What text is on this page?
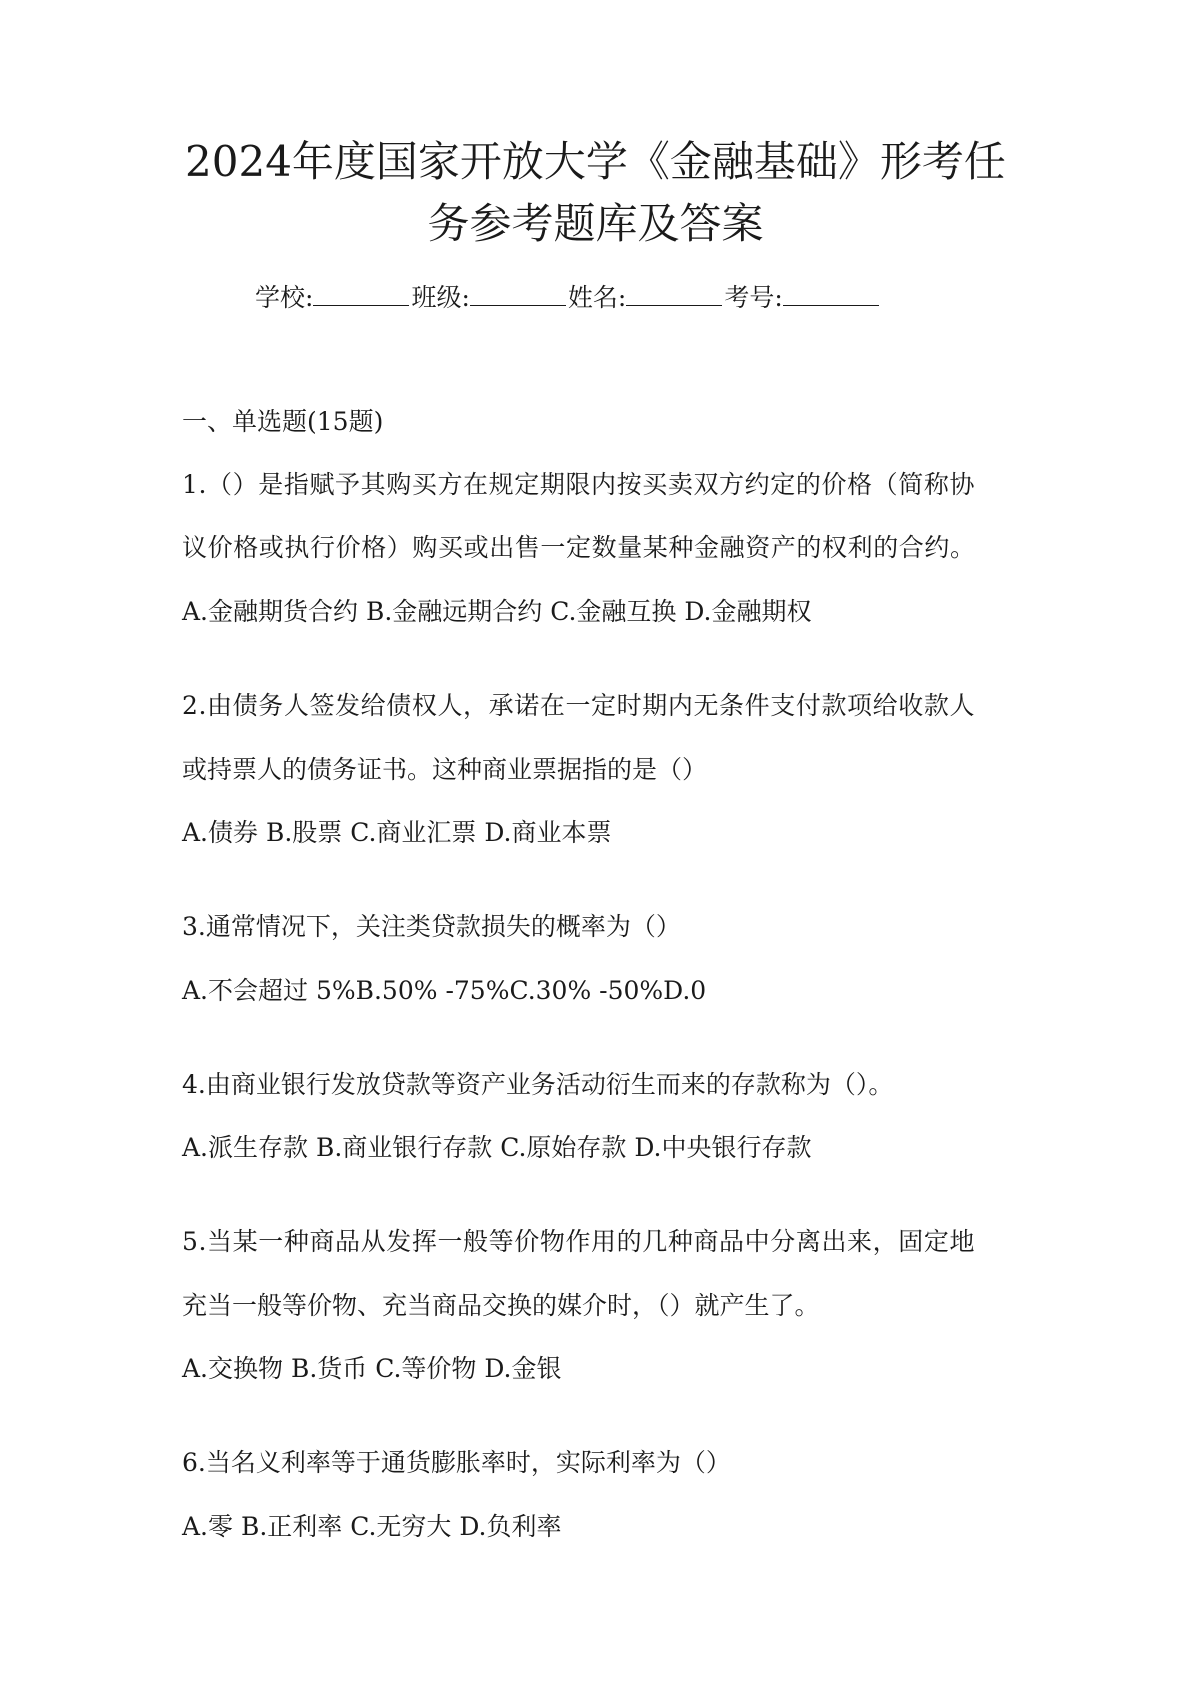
2024年度国家开放大学《金融基础》形考任
务参考题库及答案
学校:	班级:	姓名:	考号:
一、单选题(15题)
1.（）是指赋予其购买方在规定期限内按买卖双方约定的价格（简称协
议价格或执行价格）购买或出售一定数量某种金融资产的权利的合约。
A.金融期货合约 B.金融远期合约 C.金融互换 D.金融期权
2.由债务人签发给债权人，承诺在一定时期内无条件支付款项给收款人
或持票人的债务证书。这种商业票据指的是（）
A.债券 B.股票 C.商业汇票 D.商业本票
3.通常情况下，关注类贷款损失的概率为（）
A.不会超过 5%B.50% -75%C.30% -50%D.0
4.由商业银行发放贷款等资产业务活动衍生而来的存款称为（）。
A.派生存款 B.商业银行存款 C.原始存款 D.中央银行存款
5.当某一种商品从发挥一般等价物作用的几种商品中分离出来，固定地
充当一般等价物、充当商品交换的媒介时，（）就产生了。
A.交换物 B.货币 C.等价物 D.金银
6.当名义利率等于通货膨胀率时，实际利率为（）
A.零 B.正利率 C.无穷大 D.负利率
